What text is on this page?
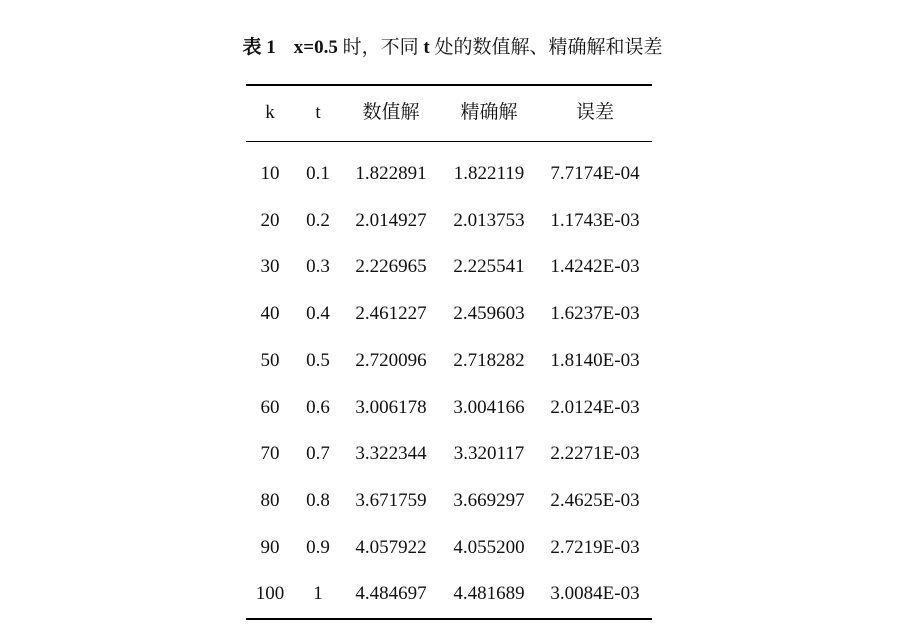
表 1 x=0.5 时，不同 t 处的数值解、精确解和误差
k	t	数值解	精确解	误差
10	0.1	1.822891	1.822119	7.7174E-04
20	0.2	2.014927	2.013753	1.1743E-03
30	0.3	2.226965	2.225541	1.4242E-03
40	0.4	2.461227	2.459603	1.6237E-03
50	0.5	2.720096	2.718282	1.8140E-03
60	0.6	3.006178	3.004166	2.0124E-03
70	0.7	3.322344	3.320117	2.2271E-03
80	0.8	3.671759	3.669297	2.4625E-03
90	0.9	4.057922	4.055200	2.7219E-03
100	1	4.484697	4.481689	3.0084E-03
